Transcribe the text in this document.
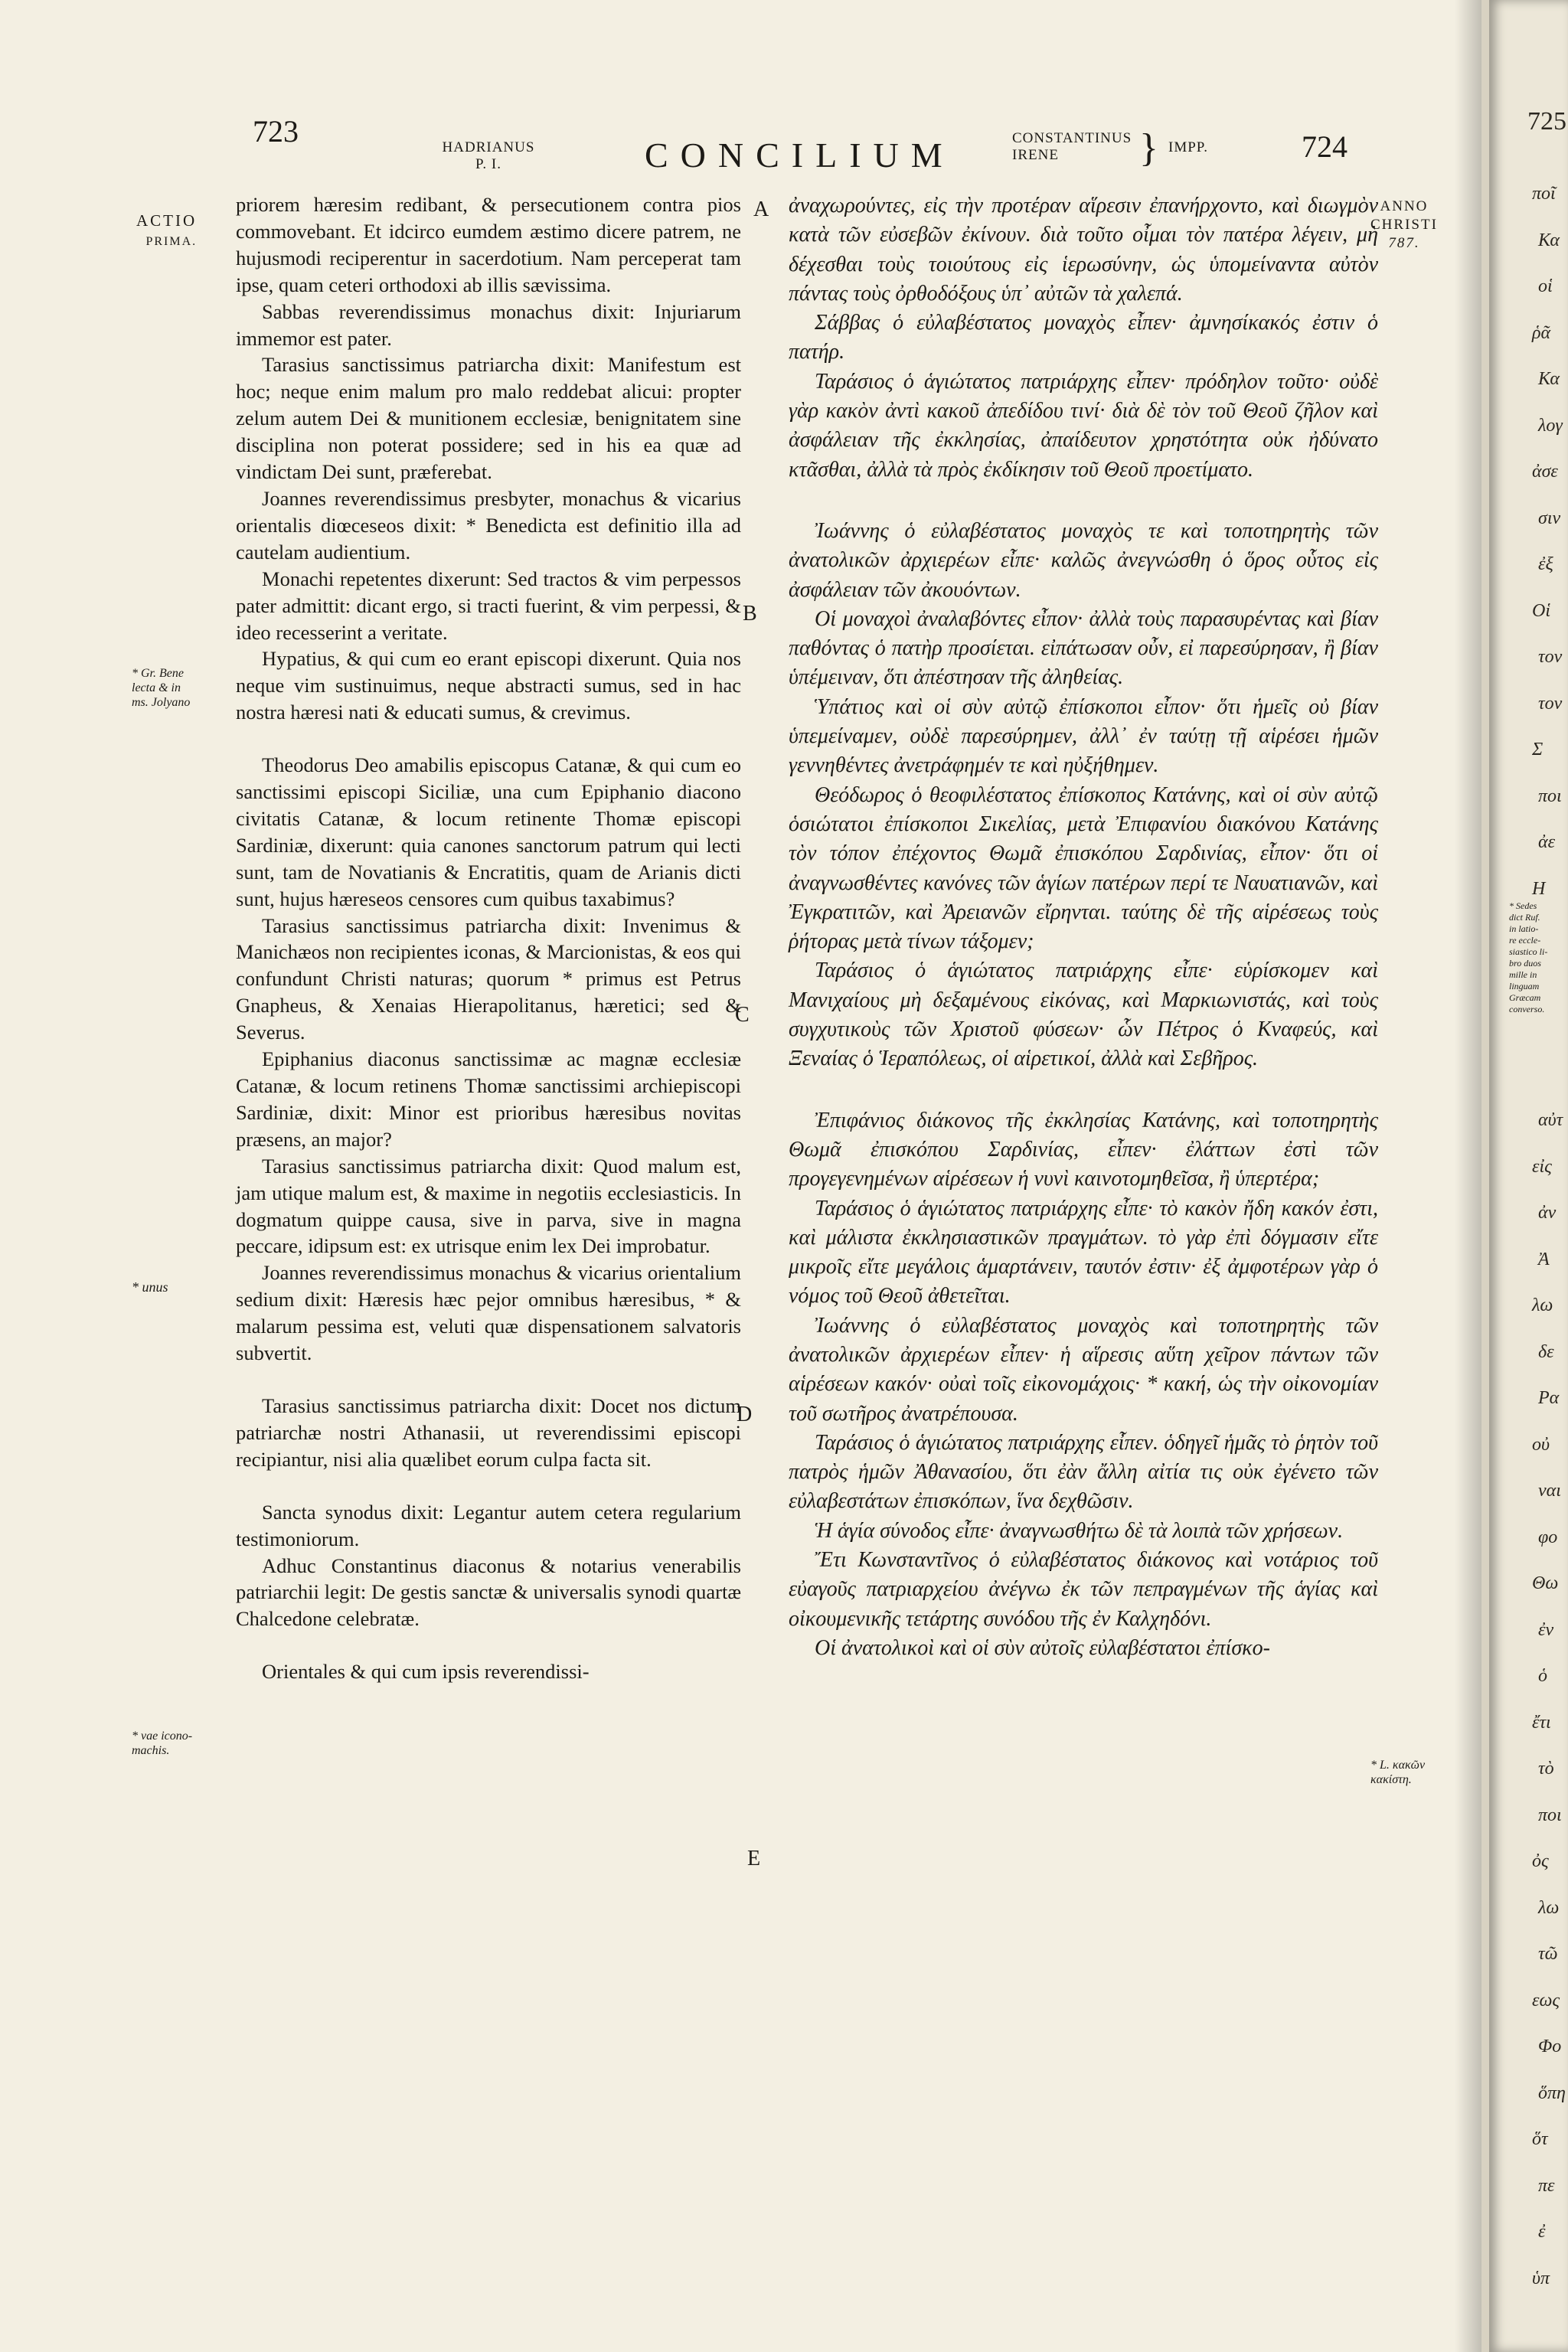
723	HADRIANUS
P. I.	CONCILIUM	CONSTANTINUS
IRENE	} IMPP.	724
ACTIO
PRIMA.
* Gr. Bene
lecta & in
ms. Jolyano
* unus
* vae icono-
machis.
ANNO
CHRISTI
787.
* L. κακῶν
κακίστη.
A
B
C
D
E

priorem hæresim redibant, & persecutionem contra pios commovebant. Et idcirco eumdem æstimo dicere patrem, ne hujusmodi reciperentur in sacerdotium. Nam perceperat tam ipse, quam ceteri orthodoxi ab illis sævissima.

Sabbas reverendissimus monachus dixit: Injuriarum immemor est pater.

Tarasius sanctissimus patriarcha dixit: Manifestum est hoc; neque enim malum pro malo reddebat alicui: propter zelum autem Dei & munitionem ecclesiæ, benignitatem sine disciplina non poterat possidere; sed in his ea quæ ad vindictam Dei sunt, præferebat.

Joannes reverendissimus presbyter, monachus & vicarius orientalis diœceseos dixit: * Benedicta est definitio illa ad cautelam audientium.

Monachi repetentes dixerunt: Sed tractos & vim perpessos pater admittit: dicant ergo, si tracti fuerint, & vim perpessi, & ideo recesserint a veritate.

Hypatius, & qui cum eo erant episcopi dixerunt. Quia nos neque vim sustinuimus, neque abstracti sumus, sed in hac nostra hæresi nati & educati sumus, & crevimus.

Theodorus Deo amabilis episcopus Catanæ, & qui cum eo sanctissimi episcopi Siciliæ, una cum Epiphanio diacono civitatis Catanæ, & locum retinente Thomæ episcopi Sardiniæ, dixerunt: quia canones sanctorum patrum qui lecti sunt, tam de Novatianis & Encratitis, quam de Arianis dicti sunt, hujus hæreseos censores cum quibus taxabimus?

Tarasius sanctissimus patriarcha dixit: Invenimus & Manichæos non recipientes iconas, & Marcionistas, & eos qui confundunt Christi naturas; quorum * primus est Petrus Gnapheus, & Xenaias Hierapolitanus, hæretici; sed & Severus.

Epiphanius diaconus sanctissimæ ac magnæ ecclesiæ Catanæ, & locum retinens Thomæ sanctissimi archiepiscopi Sardiniæ, dixit: Minor est prioribus hæresibus novitas præsens, an major?

Tarasius sanctissimus patriarcha dixit: Quod malum est, jam utique malum est, & maxime in negotiis ecclesiasticis. In dogmatum quippe causa, sive in parva, sive in magna peccare, idipsum est: ex utrisque enim lex Dei improbatur.

Joannes reverendissimus monachus & vicarius orientalium sedium dixit: Hæresis hæc pejor omnibus hæresibus, * & malarum pessima est, veluti quæ dispensationem salvatoris subvertit.

Tarasius sanctissimus patriarcha dixit: Docet nos dictum patriarchæ nostri Athanasii, ut reverendissimi episcopi recipiantur, nisi alia quælibet eorum culpa facta sit.

Sancta synodus dixit: Legantur autem cetera regularium testimoniorum.

Adhuc Constantinus diaconus & notarius venerabilis patriarchii legit: De gestis sanctæ & universalis synodi quartæ Chalcedone celebratæ.

Orientales & qui cum ipsis reverendissi-

ἀναχωρούντες, εἰς τὴν προτέραν αἵρεσιν ἐπανήρχοντο, καὶ διωγμὸν κατὰ τῶν εὐσεβῶν ἐκίνουν. διὰ τοῦτο οἶμαι τὸν πατέρα λέγειν, μὴ δέχεσθαι τοὺς τοιούτους εἰς ἱερωσύνην, ὡς ὑπομείναντα αὐτὸν πάντας τοὺς ὀρθοδόξους ὑπ᾽ αὐτῶν τὰ χαλεπά.

Σάββας ὁ εὐλαβέστατος μοναχὸς εἶπεν· ἀμνησίκακός ἐστιν ὁ πατήρ.

Ταράσιος ὁ ἁγιώτατος πατριάρχης εἶπεν· πρόδηλον τοῦτο· οὐδὲ γὰρ κακὸν ἀντὶ κακοῦ ἀπεδίδου τινί· διὰ δὲ τὸν τοῦ Θεοῦ ζῆλον καὶ ἀσφάλειαν τῆς ἐκκλησίας, ἀπαίδευτον χρηστότητα οὐκ ἠδύνατο κτᾶσθαι, ἀλλὰ τὰ πρὸς ἐκδίκησιν τοῦ Θεοῦ προετίματο.

Ἰωάννης ὁ εὐλαβέστατος μοναχὸς τε καὶ τοποτηρητὴς τῶν ἀνατολικῶν ἀρχιερέων εἶπε· καλῶς ἀνεγνώσθη ὁ ὅρος οὗτος εἰς ἀσφάλειαν τῶν ἀκουόντων.

Οἱ μοναχοὶ ἀναλαβόντες εἶπον· ἀλλὰ τοὺς παρασυρέντας καὶ βίαν παθόντας ὁ πατὴρ προσίεται. εἰπάτωσαν οὖν, εἰ παρεσύρησαν, ἢ βίαν ὑπέμειναν, ὅτι ἀπέστησαν τῆς ἀληθείας.

Ὑπάτιος καὶ οἱ σὺν αὐτῷ ἐπίσκοποι εἶπον· ὅτι ἡμεῖς οὐ βίαν ὑπεμείναμεν, οὐδὲ παρεσύρημεν, ἀλλ᾽ ἐν ταύτῃ τῇ αἱρέσει ἡμῶν γεννηθέντες ἀνετράφημέν τε καὶ ηὐξήθημεν.

Θεόδωρος ὁ θεοφιλέστατος ἐπίσκοπος Κατάνης, καὶ οἱ σὺν αὐτῷ ὁσιώτατοι ἐπίσκοποι Σικελίας, μετὰ Ἐπιφανίου διακόνου Κατάνης τὸν τόπον ἐπέχοντος Θωμᾶ ἐπισκόπου Σαρδινίας, εἶπον· ὅτι οἱ ἀναγνωσθέντες κανόνες τῶν ἁγίων πατέρων περί τε Ναυατιανῶν, καὶ Ἐγκρατιτῶν, καὶ Ἀρειανῶν εἴρηνται. ταύτης δὲ τῆς αἱρέσεως τοὺς ῥήτορας μετὰ τίνων τάξομεν;

Ταράσιος ὁ ἁγιώτατος πατριάρχης εἶπε· εὑρίσκομεν καὶ Μανιχαίους μὴ δεξαμένους εἰκόνας, καὶ Μαρκιωνιστάς, καὶ τοὺς συγχυτικοὺς τῶν Χριστοῦ φύσεων· ὧν Πέτρος ὁ Κναφεύς, καὶ Ξεναίας ὁ Ἱεραπόλεως, οἱ αἱρετικοί, ἀλλὰ καὶ Σεβῆρος.

Ἐπιφάνιος διάκονος τῆς ἐκκλησίας Κατάνης, καὶ τοποτηρητὴς Θωμᾶ ἐπισκόπου Σαρδινίας, εἶπεν· ἐλάττων ἐστὶ τῶν προγεγενημένων αἱρέσεων ἡ νυνὶ καινοτομηθεῖσα, ἢ ὑπερτέρα;

Ταράσιος ὁ ἁγιώτατος πατριάρχης εἶπε· τὸ κακὸν ἤδη κακόν ἐστι, καὶ μάλιστα ἐκκλησιαστικῶν πραγμάτων. τὸ γὰρ ἐπὶ δόγμασιν εἴτε μικροῖς εἴτε μεγάλοις ἁμαρτάνειν, ταυτόν ἐστιν· ἐξ ἀμφοτέρων γὰρ ὁ νόμος τοῦ Θεοῦ ἀθετεῖται.

Ἰωάννης ὁ εὐλαβέστατος μοναχὸς καὶ τοποτηρητὴς τῶν ἀνατολικῶν ἀρχιερέων εἶπεν· ἡ αἵρεσις αὕτη χεῖρον πάντων τῶν αἱρέσεων κακόν· οὐαὶ τοῖς εἰκονομάχοις· * κακή, ὡς τὴν οἰκονομίαν τοῦ σωτῆρος ἀνατρέπουσα.

Ταράσιος ὁ ἁγιώτατος πατριάρχης εἶπεν. ὁδηγεῖ ἡμᾶς τὸ ῥητὸν τοῦ πατρὸς ἡμῶν Ἀθανασίου, ὅτι ἐὰν ἄλλη αἰτία τις οὐκ ἐγένετο τῶν εὐλαβεστάτων ἐπισκόπων, ἵνα δεχθῶσιν.

Ἡ ἁγία σύνοδος εἶπε· ἀναγνωσθήτω δὲ τὰ λοιπὰ τῶν χρήσεων.

Ἔτι Κωνσταντῖνος ὁ εὐλαβέστατος διάκονος καὶ νοτάριος τοῦ εὐαγοῦς πατριαρχείου ἀνέγνω ἐκ τῶν πεπραγμένων τῆς ἁγίας καὶ οἰκουμενικῆς τετάρτης συνόδου τῆς ἐν Καλχηδόνι.

Οἱ ἀνατολικοὶ καὶ οἱ σὺν αὐτοῖς εὐλαβέστατοι ἐπίσκο-

725
* Sedes
dict Ruf.
in latio-
re eccle-
siastico li-
bro duos
mille in
linguam
Græcam
converso.
ποῖ
Κα
οἱ
ῥᾶ
Κα
λογ
ἀσε
σιν
ἐξ
Οἱ
τον
τον
Σ
ποι
ἀε
Η
αὐτ
εἰς
ἀν
Ἀ
λω
δε
Ρα
οὐ
ναι
φο
Θω
ἐν
ὁ
ἔτι
τὸ
ποι
ὀς
λω
τῶ
εως
Φο
ὅπη
ὅτ
πε
ἐ
ὑπ
